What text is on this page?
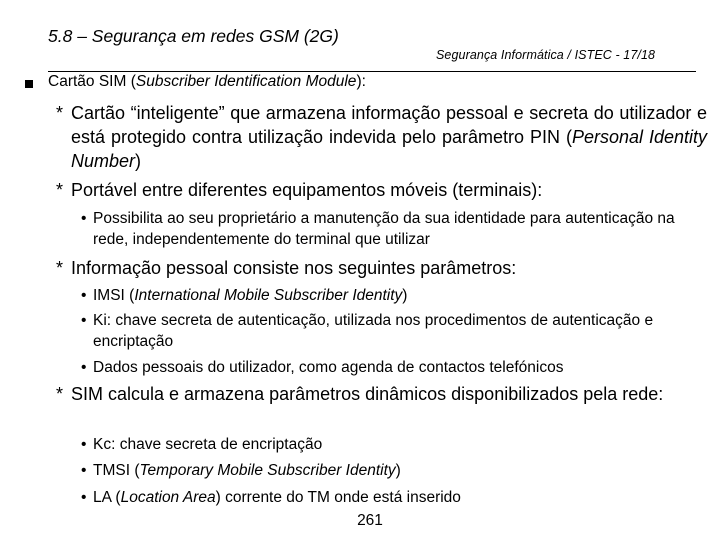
5.8 – Segurança em redes GSM (2G)
Segurança Informática / ISTEC - 17/18
Cartão SIM (Subscriber Identification Module):
* Cartão “inteligente” que armazena informação pessoal e secreta do utilizador e está protegido contra utilização indevida pelo parâmetro PIN (Personal Identity Number)
* Portável entre diferentes equipamentos móveis (terminais):
• Possibilita ao seu proprietário a manutenção da sua identidade para autenticação na rede, independentemente do terminal que utilizar
* Informação pessoal consiste nos seguintes parâmetros:
• IMSI (International Mobile Subscriber Identity)
• Ki: chave secreta de autenticação, utilizada nos procedimentos de autenticação e encriptação
• Dados pessoais do utilizador, como agenda de contactos telefónicos
* SIM calcula e armazena parâmetros dinâmicos disponibilizados pela rede:
• Kc: chave secreta de encriptação
• TMSI (Temporary Mobile Subscriber Identity)
• LA (Location Area) corrente do TM onde está inserido
261
